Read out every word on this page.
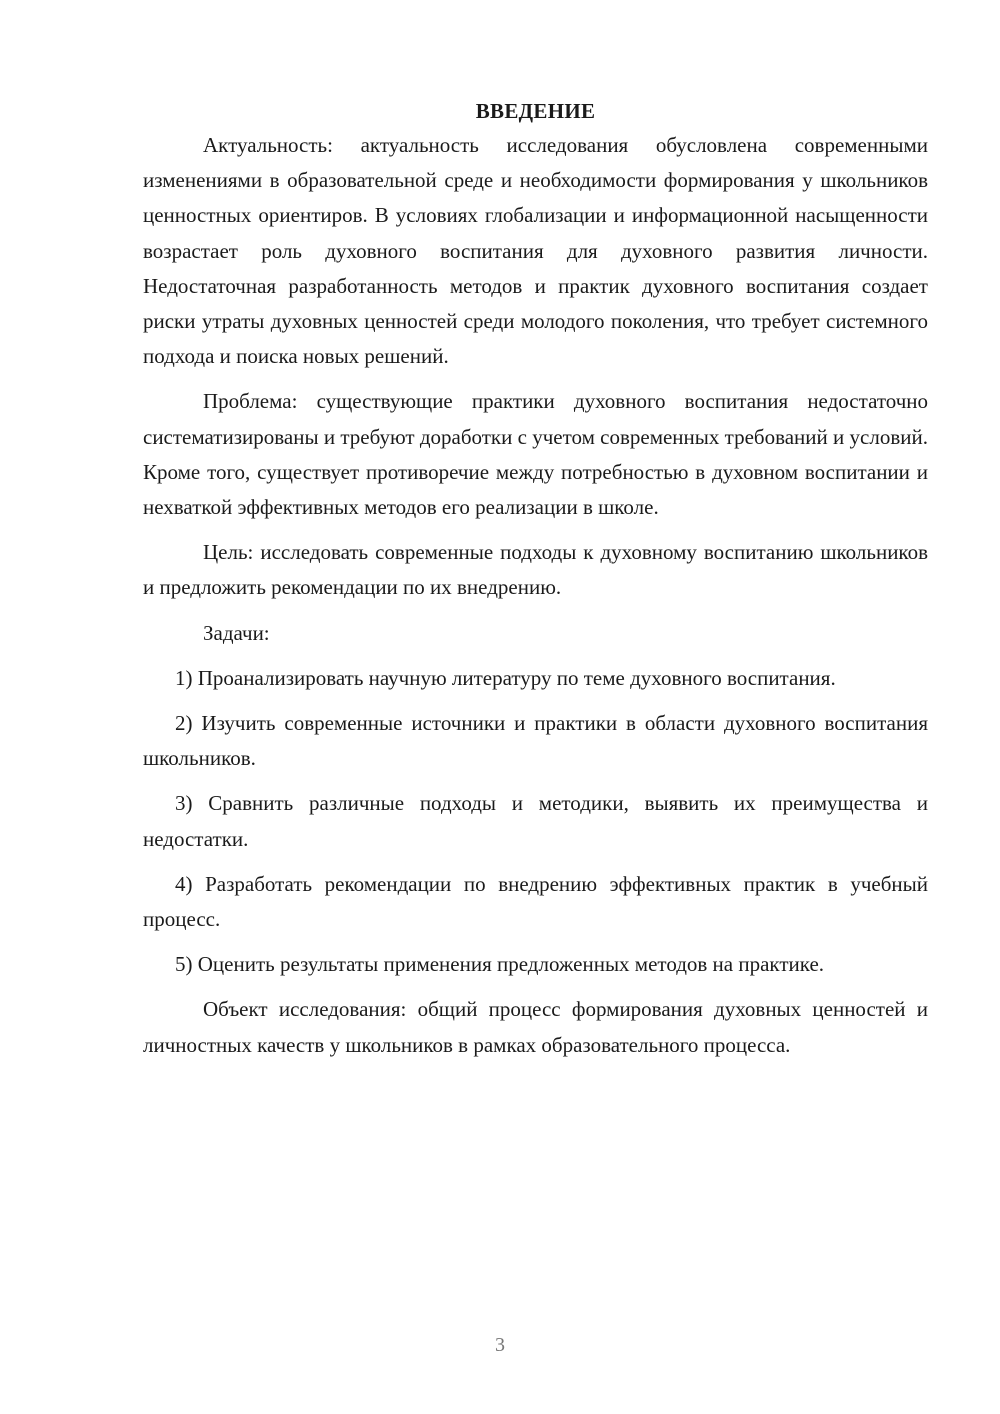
ВВЕДЕНИЕ

Актуальность: актуальность исследования обусловлена современными изменениями в образовательной среде и необходимости формирования у школьников ценностных ориентиров. В условиях глобализации и информационной насыщенности возрастает роль духовного воспитания для духовного развития личности. Недостаточная разработанность методов и практик духовного воспитания создает риски утраты духовных ценностей среди молодого поколения, что требует системного подхода и поиска новых решений.

Проблема: существующие практики духовного воспитания недостаточно систематизированы и требуют доработки с учетом современных требований и условий. Кроме того, существует противоречие между потребностью в духовном воспитании и нехваткой эффективных методов его реализации в школе.

Цель: исследовать современные подходы к духовному воспитанию школьников и предложить рекомендации по их внедрению.

Задачи:

1) Проанализировать научную литературу по теме духовного воспитания.

2) Изучить современные источники и практики в области духовного воспитания школьников.

3) Сравнить различные подходы и методики, выявить их преимущества и недостатки.

4) Разработать рекомендации по внедрению эффективных практик в учебный процесс.

5) Оценить результаты применения предложенных методов на практике.

Объект исследования: общий процесс формирования духовных ценностей и личностных качеств у школьников в рамках образовательного процесса.

3
